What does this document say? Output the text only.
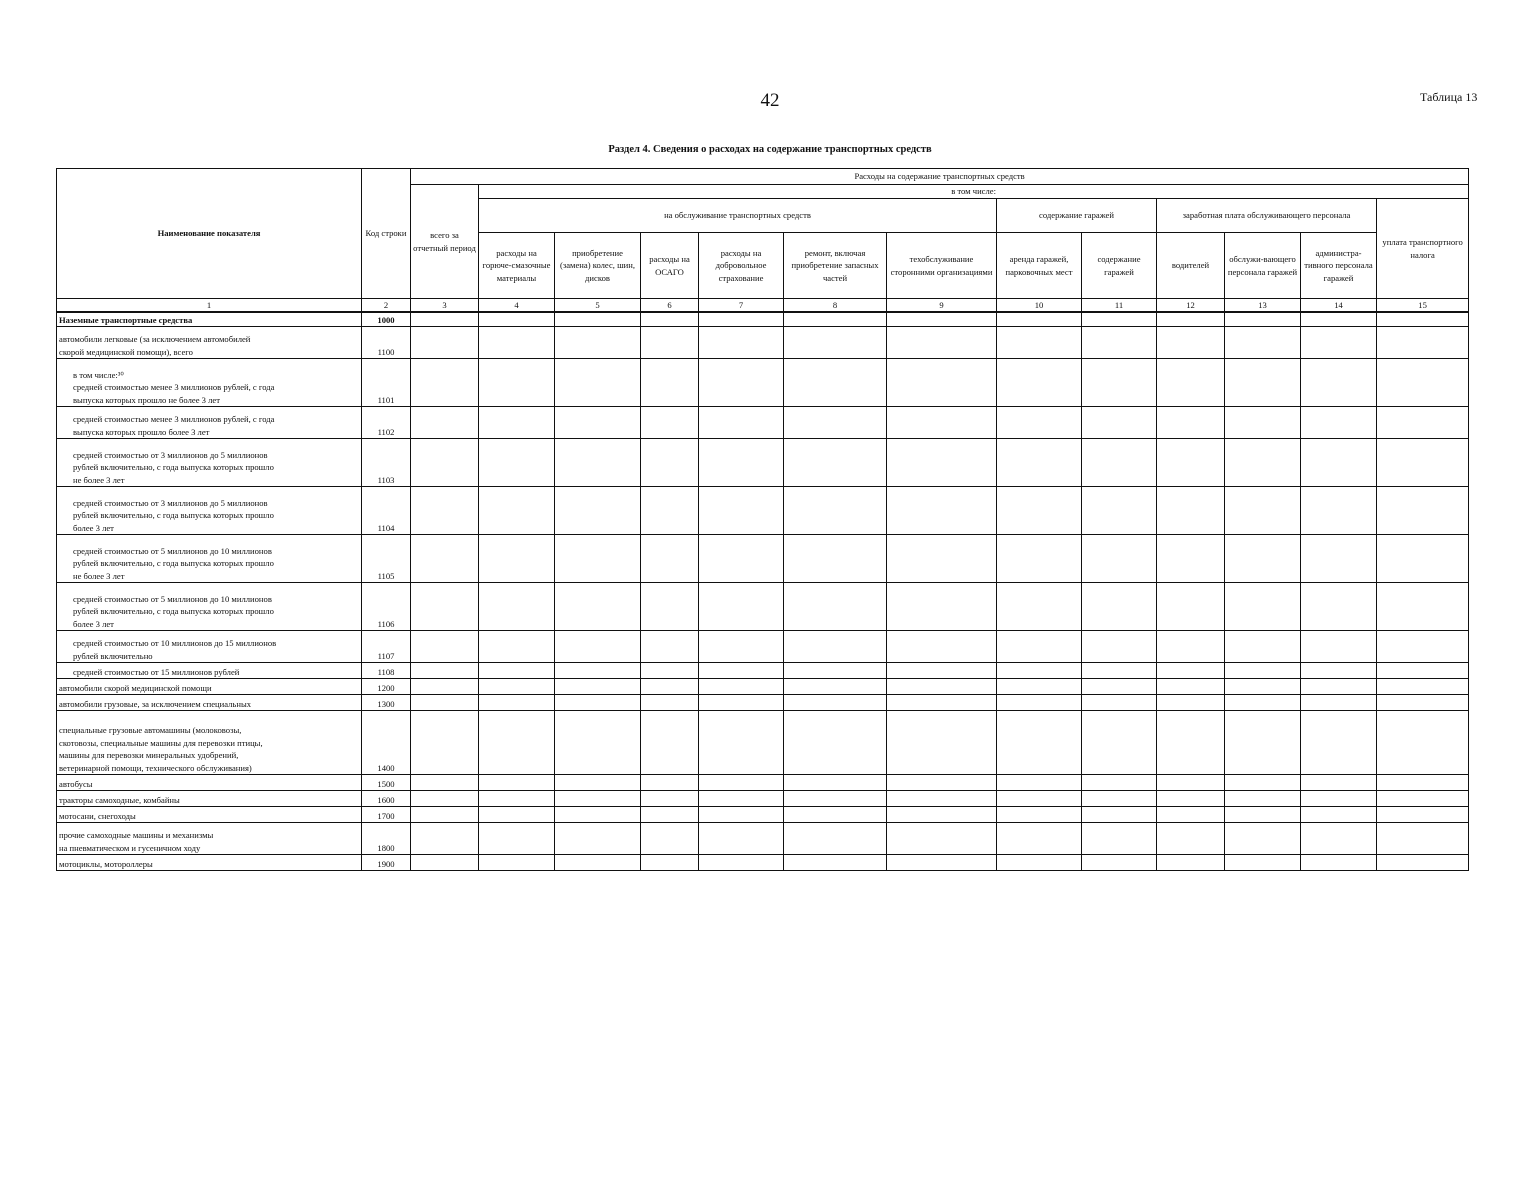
42	Таблица 13
Раздел 4. Сведения о расходах на содержание транспортных средств
Наименование показателя	Код строки	Расходы на содержание транспортных средств												
		всего за отчетный период	в том числе:											
			на обслуживание транспортных средств						содержание гаражей		заработная плата обслуживающего персонала			уплата транспортного налога
			расходы на горюче-смазочные материалы	приобретение (замена) колес, шин, дисков	расходы на ОСАГО	расходы на добровольное страхование	ремонт, включая приобретение запасных частей	техобслуживание сторонними организациями	аренда гаражей, парковочных мест	содержание гаражей	водителей	обслужи-вающего персонала гаражей	администра-тивного персонала гаражей	
1	2	3	4	5	6	7	8	9	10	11	12	13	14	15
Наземные транспортные средства	1000													
автомобили легковые (за исключением автомобилей
скорой медицинской помощи), всего	1100													
в том числе:³⁰
средней стоимостью менее 3 миллионов рублей, с года
выпуска которых прошло не более 3 лет	1101													
средней стоимостью менее 3 миллионов рублей, с года
выпуска которых прошло более 3 лет	1102													
средней стоимостью от 3 миллионов до 5 миллионов
рублей включительно, с года выпуска которых прошло
не более 3 лет	1103													
средней стоимостью от 3 миллионов до 5 миллионов
рублей включительно, с года выпуска которых прошло
более 3 лет	1104													
средней стоимостью от 5 миллионов до 10 миллионов
рублей включительно, с года выпуска которых прошло
не более 3 лет	1105													
средней стоимостью от 5 миллионов до 10 миллионов
рублей включительно, с года выпуска которых прошло
более 3 лет	1106													
средней стоимостью от 10 миллионов до 15 миллионов
рублей включительно	1107													
средней стоимостью от 15 миллионов рублей	1108													
автомобили скорой медицинской помощи	1200													
автомобили грузовые, за исключением специальных	1300													
специальные грузовые автомашины (молоковозы,
скотовозы, специальные машины для перевозки птицы,
машины для перевозки минеральных удобрений,
ветеринарной помощи, технического обслуживания)	1400													
автобусы	1500													
тракторы самоходные, комбайны	1600													
мотосани, снегоходы	1700													
прочие самоходные машины и механизмы
на пневматическом и гусеничном ходу	1800													
мотоциклы, мотороллеры	1900													
